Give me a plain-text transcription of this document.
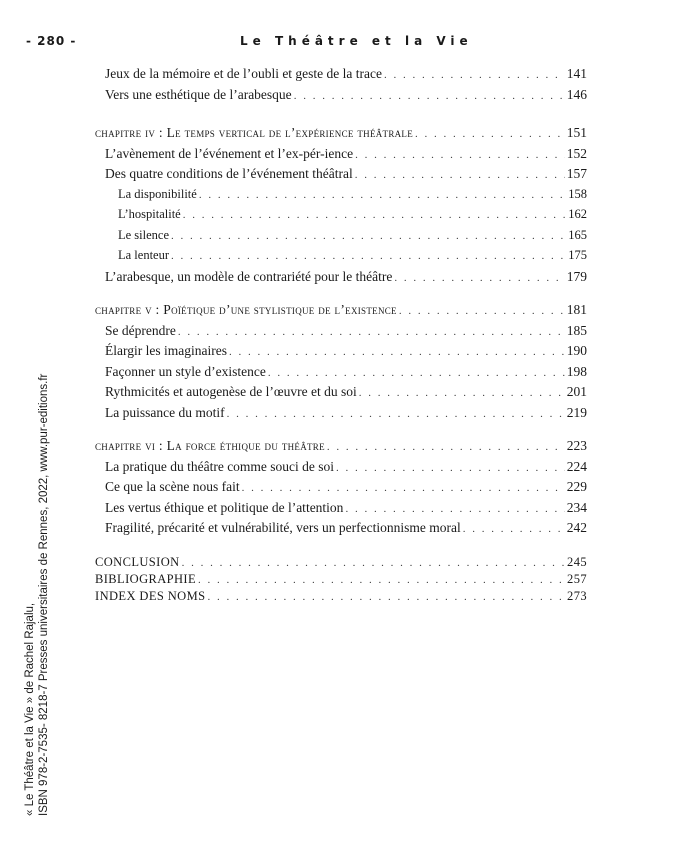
- 280 -	Le Théâtre et la Vie
« Le Théâtre et la Vie » de Rachel Rajalu, ISBN 978-2-7535- 8218-7 Presses universitaires de Rennes, 2022, www.pur-editions.fr
Jeux de la mémoire et de l’oubli et geste de la trace . . .	141
Vers une esthétique de l’arabesque . . .	146
chapitre iv : Le temps vertical de l’expérience théâtrale . . .	151
L’avènement de l’événement et l’ex-pér-ience . . .	152
Des quatre conditions de l’événement théâtral . . .	157
La disponibilité . . .	158
L’hospitalité . . .	162
Le silence . . .	165
La lenteur . . .	175
L’arabesque, un modèle de contrariété pour le théâtre . . .	179
chapitre v : Poïétique d’une stylistique de l’existence . . .	181
Se déprendre . . .	185
Élargir les imaginaires . . .	190
Façonner un style d’existence . . .	198
Rythmicités et autogenèse de l’œuvre et du soi . . .	201
La puissance du motif . . .	219
chapitre vi : La force éthique du théâtre . . .	223
La pratique du théâtre comme souci de soi . . .	224
Ce que la scène nous fait . . .	229
Les vertus éthique et politique de l’attention . . .	234
Fragilité, précarité et vulnérabilité, vers un perfectionnisme moral . . .	242
CONCLUSION . . .	245
BIBLIOGRAPHIE . . .	257
INDEX DES NOMS . . .	273
